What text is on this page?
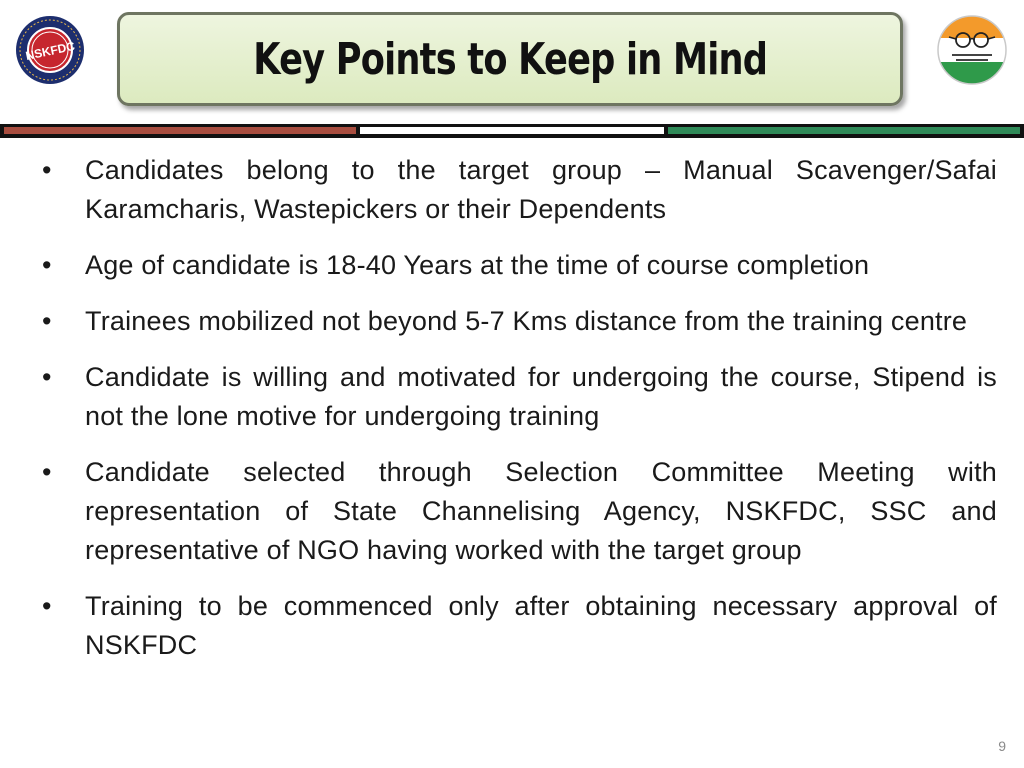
NSKFDC	Key Points to Keep in Mind
• Candidates belong to the target group – Manual Scavenger/Safai Karamcharis, Wastepickers or their Dependents
• Age of candidate is 18-40 Years at the time of course completion
• Trainees mobilized not beyond 5-7 Kms distance from the training centre
• Candidate is willing and motivated for undergoing the course, Stipend is not the lone motive for undergoing training
• Candidate selected through Selection Committee Meeting with representation of State Channelising Agency, NSKFDC, SSC and representative of NGO having worked with the target group
• Training to be commenced only after obtaining necessary approval of NSKFDC
9
